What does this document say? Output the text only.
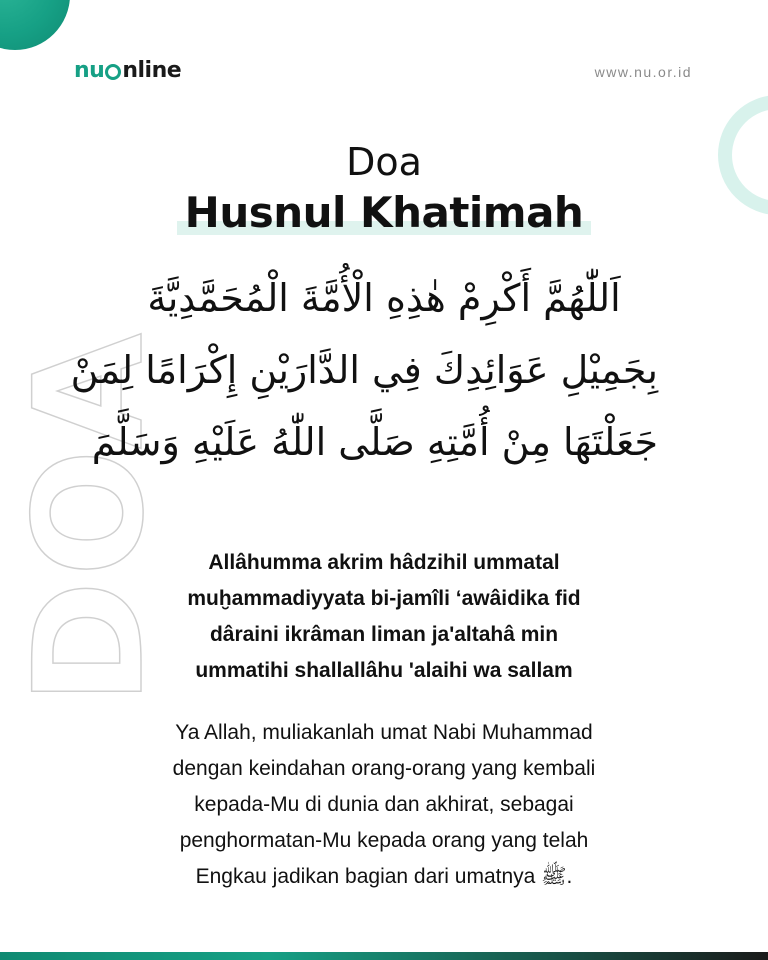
nu nline	www.nu.or.id
DOA
Doa
Husnul Khatimah
اَللّٰهُمَّ أَكْرِمْ هٰذِهِ الْأُمَّةَ الْمُحَمَّدِيَّةَ
بِجَمِيْلِ عَوَائِدِكَ فِي الدَّارَيْنِ إِكْرَامًا لِمَنْ
جَعَلْتَهَا مِنْ أُمَّتِهِ صَلَّى اللّٰهُ عَلَيْهِ وَسَلَّمَ
Allâhumma akrim hâdzihil ummatal
muḫammadiyyata bi-jamîli ‘awâidika fid
dâraini ikrâman liman ja'altahâ min
ummatihi shallallâhu 'alaihi wa sallam
Ya Allah, muliakanlah umat Nabi Muhammad
dengan keindahan orang-orang yang kembali
kepada-Mu di dunia dan akhirat, sebagai
penghormatan-Mu kepada orang yang telah
Engkau jadikan bagian dari umatnya ﷺ.
